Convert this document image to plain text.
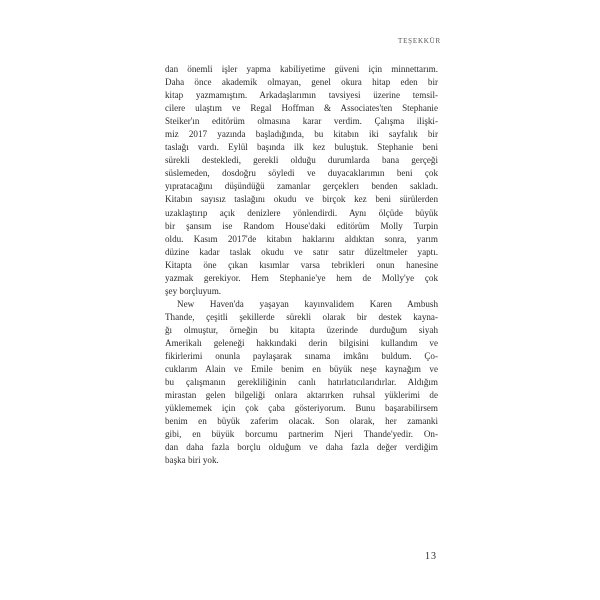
TEŞEKKÜR
dan önemli işler yapma kabiliyetime güveni için minnettarım.
Daha önce akademik olmayan, genel okura hitap eden bir
kitap yazmamıştım. Arkadaşlarımın tavsiyesi üzerine temsil-
cilere ulaştım ve Regal Hoffman & Associates'ten Stephanie
Steiker'ın editörüm olmasına karar verdim. Çalışma ilişki-
miz 2017 yazında başladığında, bu kitabın iki sayfalık bir
taslağı vardı. Eylül başında ilk kez buluştuk. Stephanie beni
sürekli destekledi, gerekli olduğu durumlarda bana gerçeği
süslemeden, dosdoğru söyledi ve duyacaklarımın beni çok
yıpratacağını düşündüğü zamanlar gerçeklerı benden sakladı.
Kitabın sayısız taslağını okudu ve birçok kez beni sürülerden
uzaklaştırıp açık denizlere yönlendirdi. Aynı ölçüde büyük
bir şansım ise Random House'daki editörüm Molly Turpin
oldu. Kasım 2017'de kitabın haklarını aldıktan sonra, yarım
düzine kadar taslak okudu ve satır satır düzeltmeler yaptı.
Kitapta öne çıkan kısımlar varsa tebrikleri onun hanesine
yazmak gerekiyor. Hem Stephanie'ye hem de Molly'ye çok
şey borçluyum.
New Haven'da yaşayan kayınvalidem Karen Ambush
Thande, çeşitli şekillerde sürekli olarak bir destek kayna-
ğı olmuştur, örneğin bu kitapta üzerinde durduğum siyah
Amerikalı geleneği hakkındaki derin bilgisini kullandım ve
fikirlerimi onunla paylaşarak sınama imkânı buldum. Ço-
cuklarım Alain ve Emile benim en büyük neşe kaynağım ve
bu çalışmanın gerekliliğinin canlı hatırlatıcılarıdırlar. Aldığım
mirastan gelen bilgeliği onlara aktarırken ruhsal yüklerimi de
yüklememek için çok çaba gösteriyorum. Bunu başarabilirsem
benim en büyük zaferim olacak. Son olarak, her zamanki
gibi, en büyük borcumu partnerim Njeri Thande'yedir. On-
dan daha fazla borçlu olduğum ve daha fazla değer verdiğim
başka biri yok.
13
